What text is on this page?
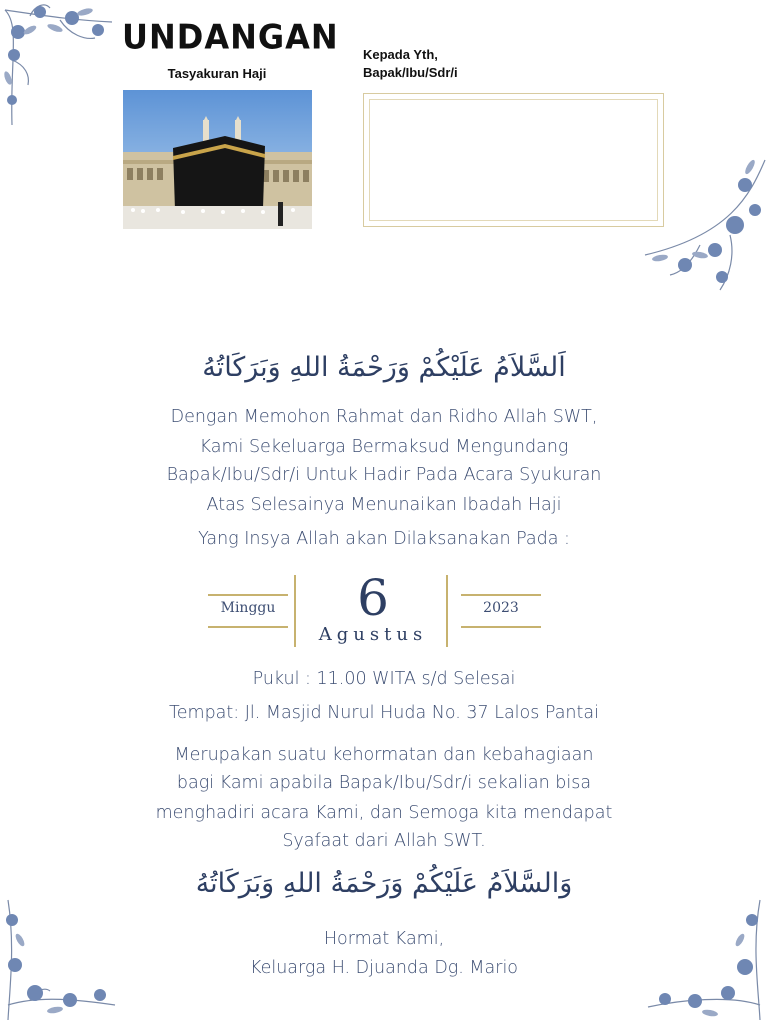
UNDANGAN
Tasyakuran Haji
Kepada Yth,
Bapak/Ibu/Sdr/i
اَلسَّلاَمُ عَلَيْكُمْ وَرَحْمَةُ اللهِ وَبَرَكَاتُهُ
Dengan Memohon Rahmat dan Ridho Allah SWT,
Kami Sekeluarga Bermaksud Mengundang
Bapak/Ibu/Sdr/i Untuk Hadir Pada Acara Syukuran
Atas Selesainya Menunaikan Ibadah Haji
Yang Insya Allah akan Dilaksanakan Pada :
Minggu	6
Agustus
2023
Pukul : 11.00 WITA s/d Selesai
Tempat: Jl. Masjid Nurul Huda No. 37 Lalos Pantai
Merupakan suatu kehormatan dan kebahagiaan
bagi Kami apabila Bapak/Ibu/Sdr/i sekalian bisa
menghadiri acara Kami, dan Semoga kita mendapat
Syafaat dari Allah SWT.
وَالسَّلاَمُ عَلَيْكُمْ وَرَحْمَةُ اللهِ وَبَرَكَاتُهُ
Hormat Kami,
Keluarga H. Djuanda Dg. Mario
